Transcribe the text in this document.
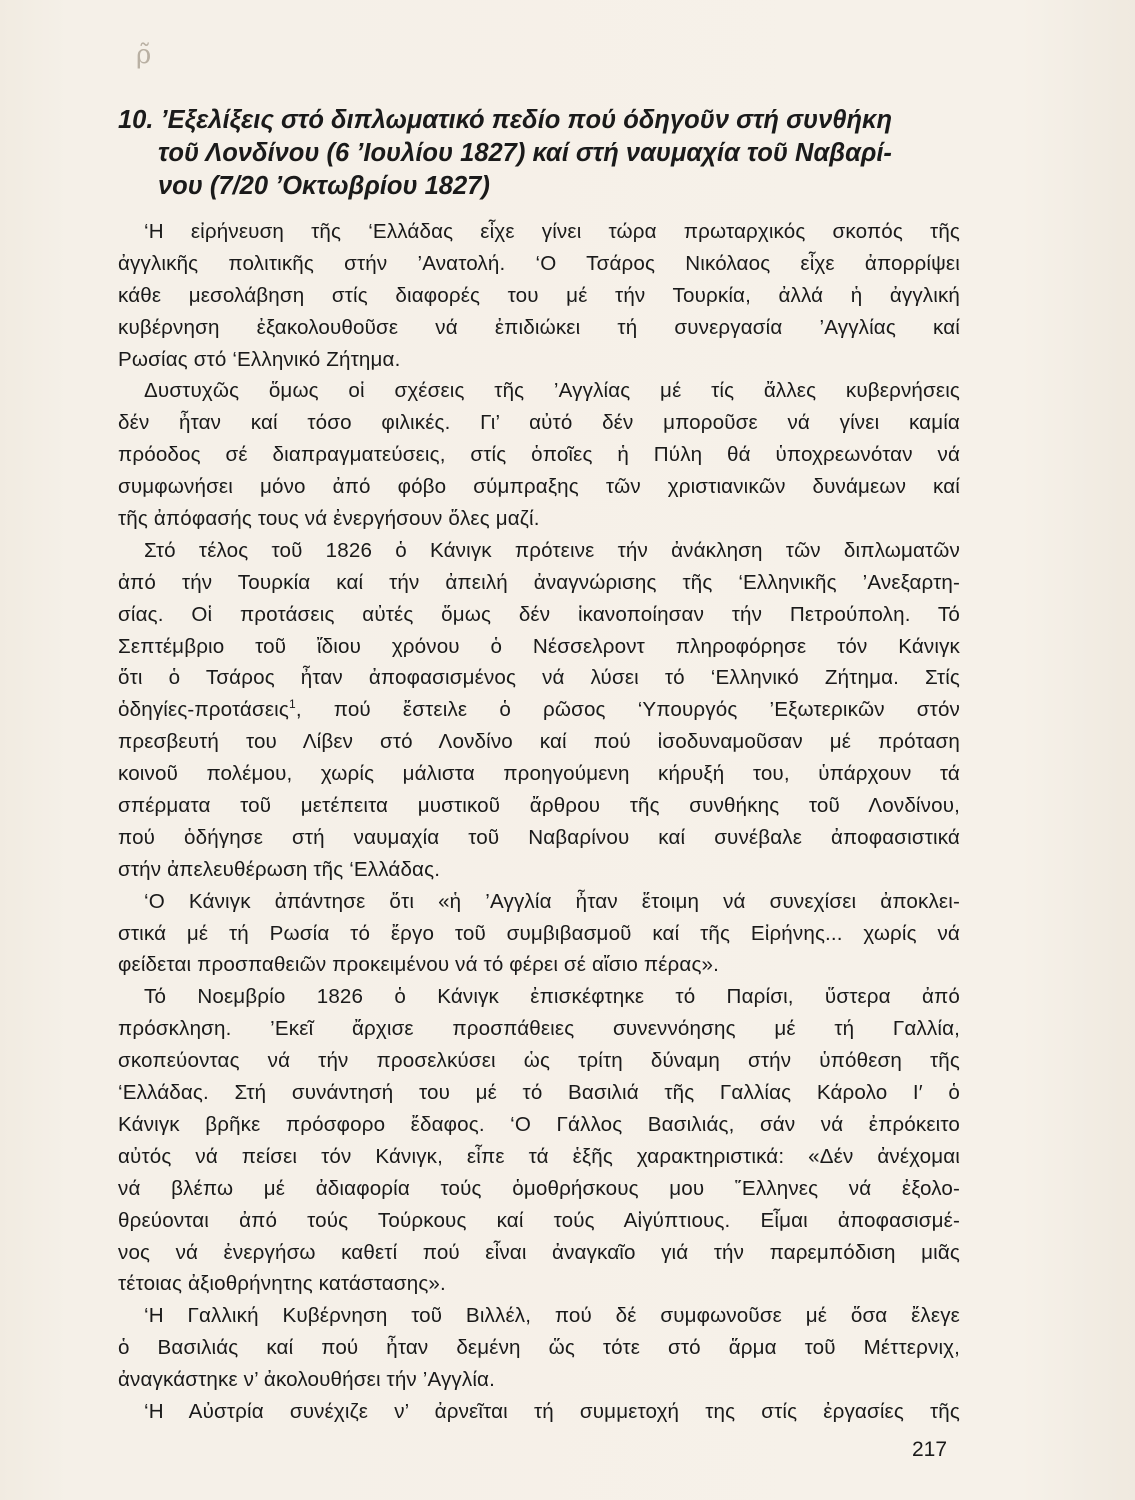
ρ̃
10. ’Εξελίξεις στό διπλωματικό πεδίο πού όδηγοῦν στή συνθήκη
τοῦ Λονδίνου (6 ’Ιουλίου 1827) καί στή ναυμαχία τοῦ Ναβαρί-
νου (7/20 ’Οκτωβρίου 1827)
‘Η εἰρήνευση τῆς ‘Ελλάδας εἶχε γίνει τώρα πρωταρχικός σκοπός τῆς
ἀγγλικῆς πολιτικῆς στήν ’Ανατολή. ‘Ο Τσάρος Νικόλαος εἶχε ἀπορρίψει
κάθε μεσολάβηση στίς διαφορές του μέ τήν Τουρκία, ἀλλά ἡ ἀγγλική
κυβέρνηση ἐξακολουθοῦσε νά ἐπιδιώκει τή συνεργασία ’Αγγλίας καί
Ρωσίας στό ‘Ελληνικό Ζήτημα.
Δυστυχῶς ὅμως οἱ σχέσεις τῆς ’Αγγλίας μέ τίς ἄλλες κυβερνήσεις
δέν ἦταν καί τόσο φιλικές. Γι’ αὐτό δέν μποροῦσε νά γίνει καμία
πρόοδος σέ διαπραγματεύσεις, στίς ὁποῖες ἡ Πύλη θά ὑποχρεωνόταν νά
συμφωνήσει μόνο ἀπό φόβο σύμπραξης τῶν χριστιανικῶν δυνάμεων καί
τῆς ἀπόφασής τους νά ἐνεργήσουν ὅλες μαζί.
Στό τέλος τοῦ 1826 ὁ Κάνιγκ πρότεινε τήν ἀνάκληση τῶν διπλωματῶν
ἀπό τήν Τουρκία καί τήν ἀπειλή ἀναγνώρισης τῆς ‘Ελληνικῆς ’Ανεξαρτη-
σίας. Οἱ προτάσεις αὐτές ὅμως δέν ἱκανοποίησαν τήν Πετρούπολη. Τό
Σεπτέμβριο τοῦ ἴδιου χρόνου ὁ Νέσσελροντ πληροφόρησε τόν Κάνιγκ
ὅτι ὁ Τσάρος ἦταν ἀποφασισμένος νά λύσει τό ‘Ελληνικό Ζήτημα. Στίς
ὁδηγίες-προτάσεις$^1$, πού ἔστειλε ὁ ρῶσος ‘Υπουργός ’Εξωτερικῶν στόν
πρεσβευτή του Λίβεν στό Λονδίνο καί πού ἰσοδυναμοῦσαν μέ πρόταση
κοινοῦ πολέμου, χωρίς μάλιστα προηγούμενη κήρυξή του, ὑπάρχουν τά
σπέρματα τοῦ μετέπειτα μυστικοῦ ἄρθρου τῆς συνθήκης τοῦ Λονδίνου,
πού ὁδήγησε στή ναυμαχία τοῦ Ναβαρίνου καί συνέβαλε ἀποφασιστικά
στήν ἀπελευθέρωση τῆς ‘Ελλάδας.
‘Ο Κάνιγκ ἀπάντησε ὅτι «ἡ ’Αγγλία ἦταν ἕτοιμη νά συνεχίσει ἀποκλει-
στικά μέ τή Ρωσία τό ἔργο τοῦ συμβιβασμοῦ καί τῆς Εἰρήνης... χωρίς νά
φείδεται προσπαθειῶν προκειμένου νά τό φέρει σέ αἴσιο πέρας».
Τό Νοεμβρίο 1826 ὁ Κάνιγκ ἐπισκέφτηκε τό Παρίσι, ὕστερα ἀπό
πρόσκληση. ’Εκεῖ ἄρχισε προσπάθειες συνεννόησης μέ τή Γαλλία,
σκοπεύοντας νά τήν προσελκύσει ὡς τρίτη δύναμη στήν ὑπόθεση τῆς
‘Ελλάδας. Στή συνάντησή του μέ τό Βασιλιά τῆς Γαλλίας Κάρολο Ι′ ὁ
Κάνιγκ βρῆκε πρόσφορο ἔδαφος. ‘Ο Γάλλος Βασιλιάς, σάν νά ἐπρόκειτο
αὐτός νά πείσει τόν Κάνιγκ, εἶπε τά ἑξῆς χαρακτηριστικά: «Δέν ἀνέχομαι
νά βλέπω μέ ἀδιαφορία τούς ὁμοθρήσκους μου ῞Ελληνες νά ἐξολο-
θρεύονται ἀπό τούς Τούρκους καί τούς Αἰγύπτιους. Εἶμαι ἀποφασισμέ-
νος νά ἐνεργήσω καθετί πού εἶναι ἀναγκαῖο γιά τήν παρεμπόδιση μιᾶς
τέτοιας ἀξιοθρήνητης κατάστασης».
‘Η Γαλλική Κυβέρνηση τοῦ Βιλλέλ, πού δέ συμφωνοῦσε μέ ὅσα ἔλεγε
ὁ Βασιλιάς καί πού ἦταν δεμένη ὥς τότε στό ἅρμα τοῦ Μέττερνιχ,
ἀναγκάστηκε ν’ ἀκολουθήσει τήν ’Αγγλία.
‘Η Αὐστρία συνέχιζε ν’ ἀρνεῖται τή συμμετοχή της στίς ἐργασίες τῆς
217
